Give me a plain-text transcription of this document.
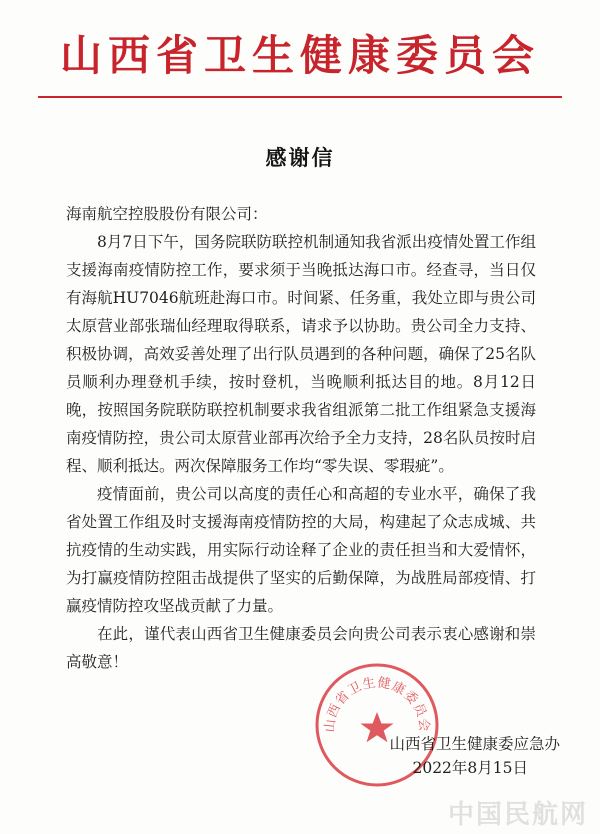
山西省卫生健康委员会
感谢信
海南航空控股股份有限公司：

8月7日下午，国务院联防联控机制通知我省派出疫情处置工作组支援海南疫情防控工作，要求须于当晚抵达海口市。经查寻，当日仅有海航HU7046航班赴海口市。时间紧、任务重，我处立即与贵公司太原营业部张瑞仙经理取得联系，请求予以协助。贵公司全力支持、积极协调，高效妥善处理了出行队员遇到的各种问题，确保了25名队员顺利办理登机手续，按时登机，当晚顺利抵达目的地。8月12日晚，按照国务院联防联控机制要求我省组派第二批工作组紧急支援海南疫情防控，贵公司太原营业部再次给予全力支持，28名队员按时启程、顺利抵达。两次保障服务工作均“零失误、零瑕疵”。

疫情面前，贵公司以高度的责任心和高超的专业水平，确保了我省处置工作组及时支援海南疫情防控的大局，构建起了众志成城、共抗疫情的生动实践，用实际行动诠释了企业的责任担当和大爱情怀，为打赢疫情防控阻击战提供了坚实的后勤保障，为战胜局部疫情、打赢疫情防控攻坚战贡献了力量。

在此，谨代表山西省卫生健康委员会向贵公司表示衷心感谢和崇高敬意！

山西省卫生健康委员会
山西省卫生健康委应急办
2022年8月15日
中国民航网
